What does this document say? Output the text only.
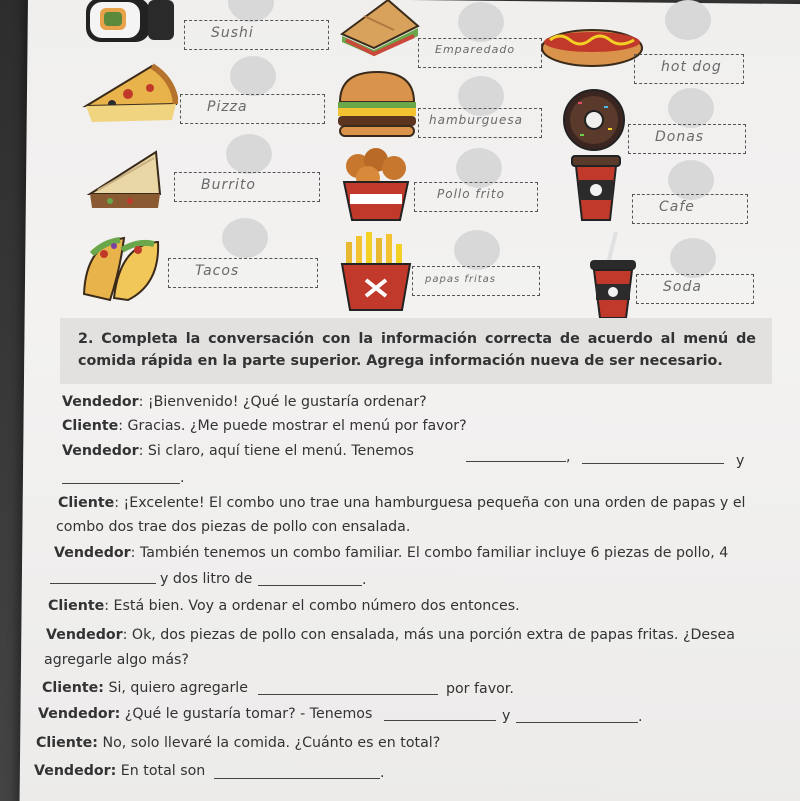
Sushi
Emparedado
hot dog
Pizza
hamburguesa
Donas
Burrito
Pollo frito
Cafe
Tacos
papas fritas	Soda
2. Completa la conversación con la información correcta de acuerdo al menú de comida rápida en la parte superior. Agrega información nueva de ser necesario.
Vendedor: ¡Bienvenido! ¿Qué le gustaría ordenar?
Cliente: Gracias. ¿Me puede mostrar el menú por favor?
Vendedor: Si claro, aquí tiene el menú. Tenemos	,	y
.
Cliente: ¡Excelente! El combo uno trae una hamburguesa pequeña con una orden de papas y el
combo dos trae dos piezas de pollo con ensalada.
Vendedor: También tenemos un combo familiar. El combo familiar incluye 6 piezas de pollo, 4
y dos litro de	.
Cliente: Está bien. Voy a ordenar el combo número dos entonces.
Vendedor: Ok, dos piezas de pollo con ensalada, más una porción extra de papas fritas. ¿Desea
agregarle algo más?
Cliente: Si, quiero agregarle	por favor.
Vendedor: ¿Qué le gustaría tomar? - Tenemos	y	.
Cliente: No, solo llevaré la comida. ¿Cuánto es en total?
Vendedor: En total son	.
